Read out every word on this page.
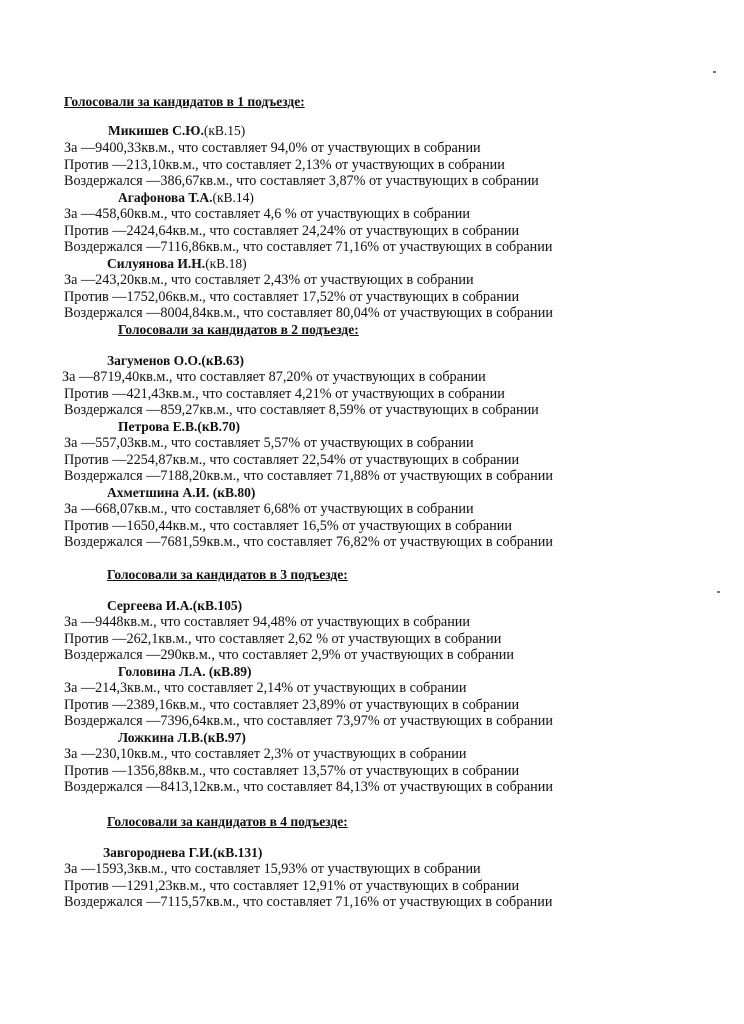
Голосовали за кандидатов в 1 подъезде:
Микишев С.Ю.(кВ.15)
За —9400,33кв.м., что составляет 94,0% от участвующих в собрании
Против —213,10кв.м., что составляет 2,13% от участвующих в собрании
Воздержался —386,67кв.м., что составляет 3,87% от участвующих в собрании
Агафонова Т.А.(кВ.14)
За —458,60кв.м., что составляет 4,6 % от участвующих в собрании
Против —2424,64кв.м., что составляет 24,24% от участвующих в собрании
Воздержался —7116,86кв.м., что составляет 71,16% от участвующих в собрании
Силуянова И.Н.(кВ.18)
За —243,20кв.м., что составляет 2,43% от участвующих в собрании
Против —1752,06кв.м., что составляет 17,52% от участвующих в собрании
Воздержался —8004,84кв.м., что составляет 80,04% от участвующих в собрании
Голосовали за кандидатов в 2 подъезде:
Загуменов О.О.(кВ.63)
За —8719,40кв.м., что составляет 87,20% от участвующих в собрании
Против —421,43кв.м., что составляет 4,21% от участвующих в собрании
Воздержался —859,27кв.м., что составляет 8,59% от участвующих в собрании
Петрова Е.В.(кВ.70)
За —557,03кв.м., что составляет 5,57% от участвующих в собрании
Против —2254,87кв.м., что составляет 22,54% от участвующих в собрании
Воздержался —7188,20кв.м., что составляет 71,88% от участвующих в собрании
Ахметшина А.И. (кВ.80)
За —668,07кв.м., что составляет 6,68% от участвующих в собрании
Против —1650,44кв.м., что составляет 16,5% от участвующих в собрании
Воздержался —7681,59кв.м., что составляет 76,82% от участвующих в собрании
Голосовали за кандидатов в 3 подъезде:
Сергеева И.А.(кВ.105)
За —9448кв.м., что составляет 94,48% от участвующих в собрании
Против —262,1кв.м., что составляет 2,62 % от участвующих в собрании
Воздержался —290кв.м., что составляет 2,9% от участвующих в собрании
Головина Л.А. (кВ.89)
За —214,3кв.м., что составляет 2,14% от участвующих в собрании
Против —2389,16кв.м., что составляет 23,89% от участвующих в собрании
Воздержался —7396,64кв.м., что составляет 73,97% от участвующих в собрании
Ложкина Л.В.(кВ.97)
За —230,10кв.м., что составляет 2,3% от участвующих в собрании
Против —1356,88кв.м., что составляет 13,57% от участвующих в собрании
Воздержался —8413,12кв.м., что составляет 84,13% от участвующих в собрании
Голосовали за кандидатов в 4 подъезде:
Завгороднева Г.И.(кВ.131)
За —1593,3кв.м., что составляет 15,93% от участвующих в собрании
Против —1291,23кв.м., что составляет 12,91% от участвующих в собрании
Воздержался —7115,57кв.м., что составляет 71,16% от участвующих в собрании
